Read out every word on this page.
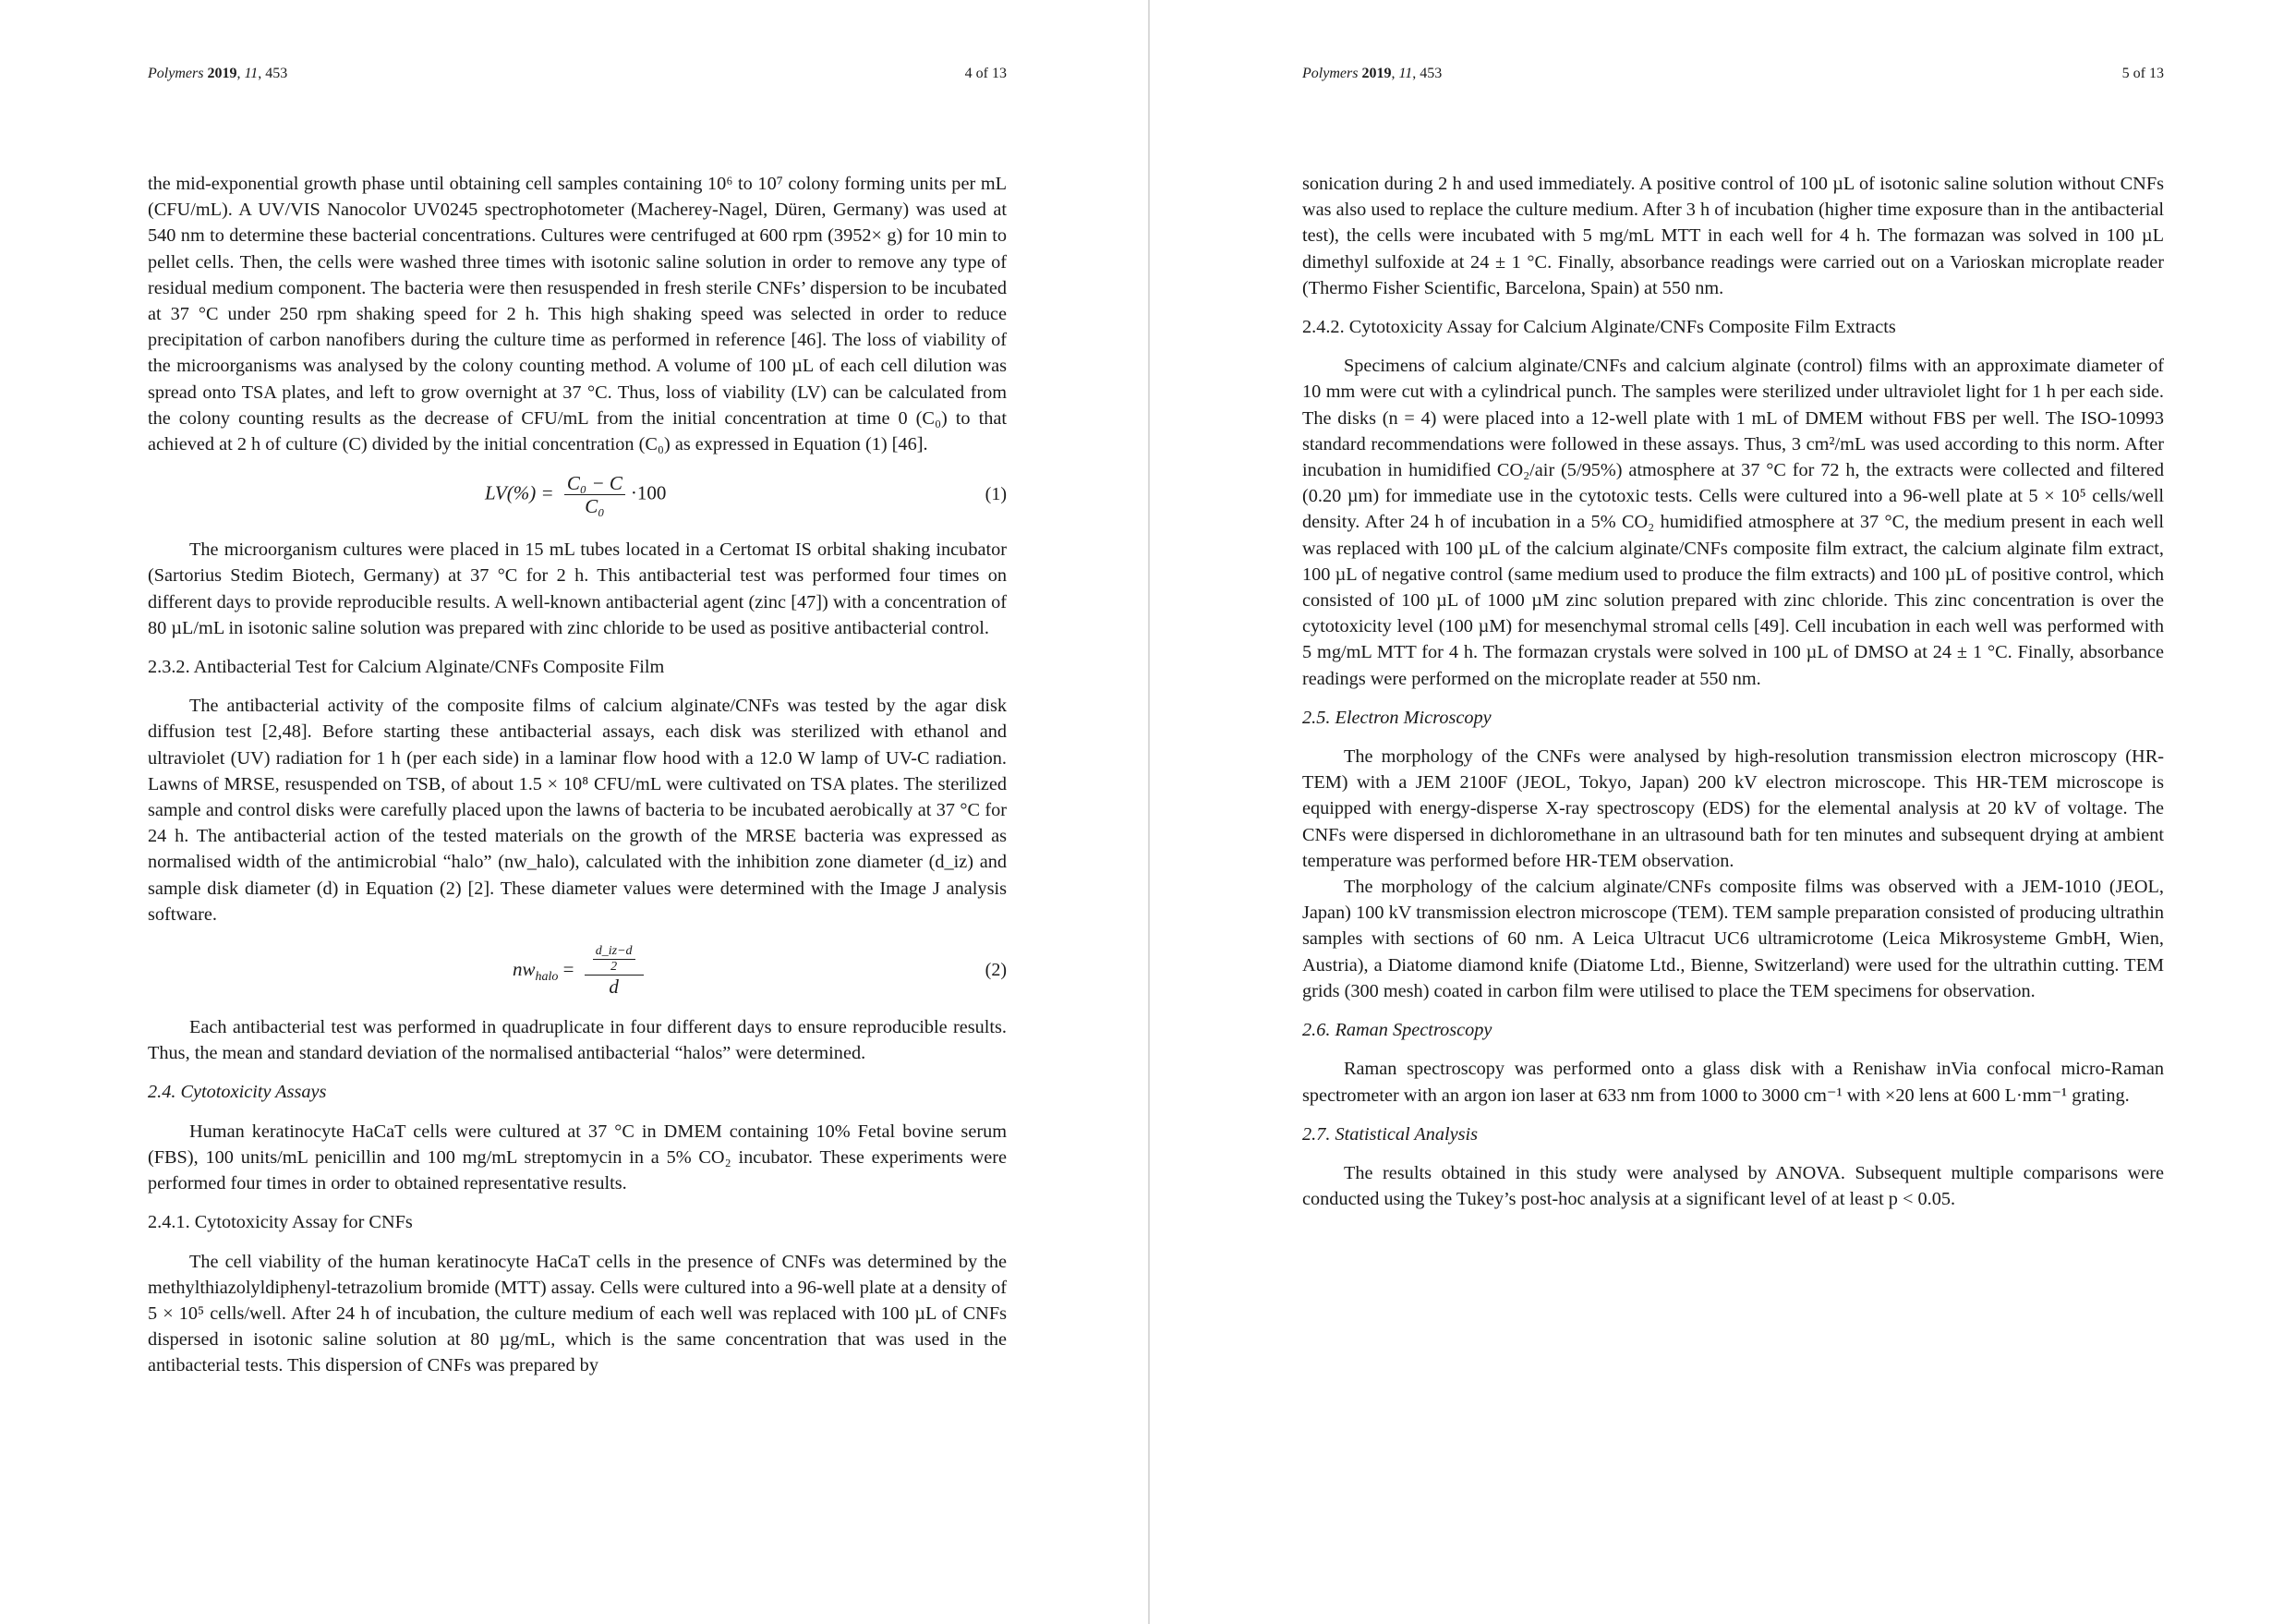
Polymers 2019, 11, 453	4 of 13

the mid-exponential growth phase until obtaining cell samples containing 10⁶ to 10⁷ colony forming units per mL (CFU/mL). A UV/VIS Nanocolor UV0245 spectrophotometer (Macherey-Nagel, Düren, Germany) was used at 540 nm to determine these bacterial concentrations. Cultures were centrifuged at 600 rpm (3952× g) for 10 min to pellet cells. Then, the cells were washed three times with isotonic saline solution in order to remove any type of residual medium component. The bacteria were then resuspended in fresh sterile CNFs’ dispersion to be incubated at 37 °C under 250 rpm shaking speed for 2 h. This high shaking speed was selected in order to reduce precipitation of carbon nanofibers during the culture time as performed in reference [46]. The loss of viability of the microorganisms was analysed by the colony counting method. A volume of 100 µL of each cell dilution was spread onto TSA plates, and left to grow overnight at 37 °C. Thus, loss of viability (LV) can be calculated from the colony counting results as the decrease of CFU/mL from the initial concentration at time 0 (C₀) to that achieved at 2 h of culture (C) divided by the initial concentration (C₀) as expressed in Equation (1) [46].

$LV(\%) = \frac{\text{C₀ − C}}{\text{C₀}} \cdot 100$	(1)

The microorganism cultures were placed in 15 mL tubes located in a Certomat IS orbital shaking incubator (Sartorius Stedim Biotech, Germany) at 37 °C for 2 h. This antibacterial test was performed four times on different days to provide reproducible results. A well-known antibacterial agent (zinc [47]) with a concentration of 80 µL/mL in isotonic saline solution was prepared with zinc chloride to be used as positive antibacterial control.

2.3.2. Antibacterial Test for Calcium Alginate/CNFs Composite Film

The antibacterial activity of the composite films of calcium alginate/CNFs was tested by the agar disk diffusion test [2,48]. Before starting these antibacterial assays, each disk was sterilized with ethanol and ultraviolet (UV) radiation for 1 h (per each side) in a laminar flow hood with a 12.0 W lamp of UV-C radiation. Lawns of MRSE, resuspended on TSB, of about 1.5 × 10⁸ CFU/mL were cultivated on TSA plates. The sterilized sample and control disks were carefully placed upon the lawns of bacteria to be incubated aerobically at 37 °C for 24 h. The antibacterial action of the tested materials on the growth of the MRSE bacteria was expressed as normalised width of the antimicrobial “halo” (nw_halo), calculated with the inhibition zone diameter (d_iz) and sample disk diameter (d) in Equation (2) [2]. These diameter values were determined with the Image J analysis software.

$nw_{halo} = \frac{\frac{d\_iz-d}{2}}{d}$	(2)

Each antibacterial test was performed in quadruplicate in four different days to ensure reproducible results. Thus, the mean and standard deviation of the normalised antibacterial “halos” were determined.

2.4. Cytotoxicity Assays

Human keratinocyte HaCaT cells were cultured at 37 °C in DMEM containing 10% Fetal bovine serum (FBS), 100 units/mL penicillin and 100 mg/mL streptomycin in a 5% CO₂ incubator. These experiments were performed four times in order to obtained representative results.

2.4.1. Cytotoxicity Assay for CNFs

The cell viability of the human keratinocyte HaCaT cells in the presence of CNFs was determined by the methylthiazolyldiphenyl-tetrazolium bromide (MTT) assay. Cells were cultured into a 96-well plate at a density of 5 × 10⁵ cells/well. After 24 h of incubation, the culture medium of each well was replaced with 100 µL of CNFs dispersed in isotonic saline solution at 80 µg/mL, which is the same concentration that was used in the antibacterial tests. This dispersion of CNFs was prepared by

Polymers 2019, 11, 453	5 of 13

sonication during 2 h and used immediately. A positive control of 100 µL of isotonic saline solution without CNFs was also used to replace the culture medium. After 3 h of incubation (higher time exposure than in the antibacterial test), the cells were incubated with 5 mg/mL MTT in each well for 4 h. The formazan was solved in 100 µL dimethyl sulfoxide at 24 ± 1 °C. Finally, absorbance readings were carried out on a Varioskan microplate reader (Thermo Fisher Scientific, Barcelona, Spain) at 550 nm.

2.4.2. Cytotoxicity Assay for Calcium Alginate/CNFs Composite Film Extracts

Specimens of calcium alginate/CNFs and calcium alginate (control) films with an approximate diameter of 10 mm were cut with a cylindrical punch. The samples were sterilized under ultraviolet light for 1 h per each side. The disks (n = 4) were placed into a 12-well plate with 1 mL of DMEM without FBS per well. The ISO-10993 standard recommendations were followed in these assays. Thus, 3 cm²/mL was used according to this norm. After incubation in humidified CO₂/air (5/95%) atmosphere at 37 °C for 72 h, the extracts were collected and filtered (0.20 µm) for immediate use in the cytotoxic tests. Cells were cultured into a 96-well plate at 5 × 10⁵ cells/well density. After 24 h of incubation in a 5% CO₂ humidified atmosphere at 37 °C, the medium present in each well was replaced with 100 µL of the calcium alginate/CNFs composite film extract, the calcium alginate film extract, 100 µL of negative control (same medium used to produce the film extracts) and 100 µL of positive control, which consisted of 100 µL of 1000 µM zinc solution prepared with zinc chloride. This zinc concentration is over the cytotoxicity level (100 µM) for mesenchymal stromal cells [49]. Cell incubation in each well was performed with 5 mg/mL MTT for 4 h. The formazan crystals were solved in 100 µL of DMSO at 24 ± 1 °C. Finally, absorbance readings were performed on the microplate reader at 550 nm.

2.5. Electron Microscopy

The morphology of the CNFs were analysed by high-resolution transmission electron microscopy (HR-TEM) with a JEM 2100F (JEOL, Tokyo, Japan) 200 kV electron microscope. This HR-TEM microscope is equipped with energy-disperse X-ray spectroscopy (EDS) for the elemental analysis at 20 kV of voltage. The CNFs were dispersed in dichloromethane in an ultrasound bath for ten minutes and subsequent drying at ambient temperature was performed before HR-TEM observation.

The morphology of the calcium alginate/CNFs composite films was observed with a JEM-1010 (JEOL, Japan) 100 kV transmission electron microscope (TEM). TEM sample preparation consisted of producing ultrathin samples with sections of 60 nm. A Leica Ultracut UC6 ultramicrotome (Leica Mikrosysteme GmbH, Wien, Austria), a Diatome diamond knife (Diatome Ltd., Bienne, Switzerland) were used for the ultrathin cutting. TEM grids (300 mesh) coated in carbon film were utilised to place the TEM specimens for observation.

2.6. Raman Spectroscopy

Raman spectroscopy was performed onto a glass disk with a Renishaw inVia confocal micro-Raman spectrometer with an argon ion laser at 633 nm from 1000 to 3000 cm⁻¹ with ×20 lens at 600 L·mm⁻¹ grating.

2.7. Statistical Analysis

The results obtained in this study were analysed by ANOVA. Subsequent multiple comparisons were conducted using the Tukey’s post-hoc analysis at a significant level of at least p < 0.05.
